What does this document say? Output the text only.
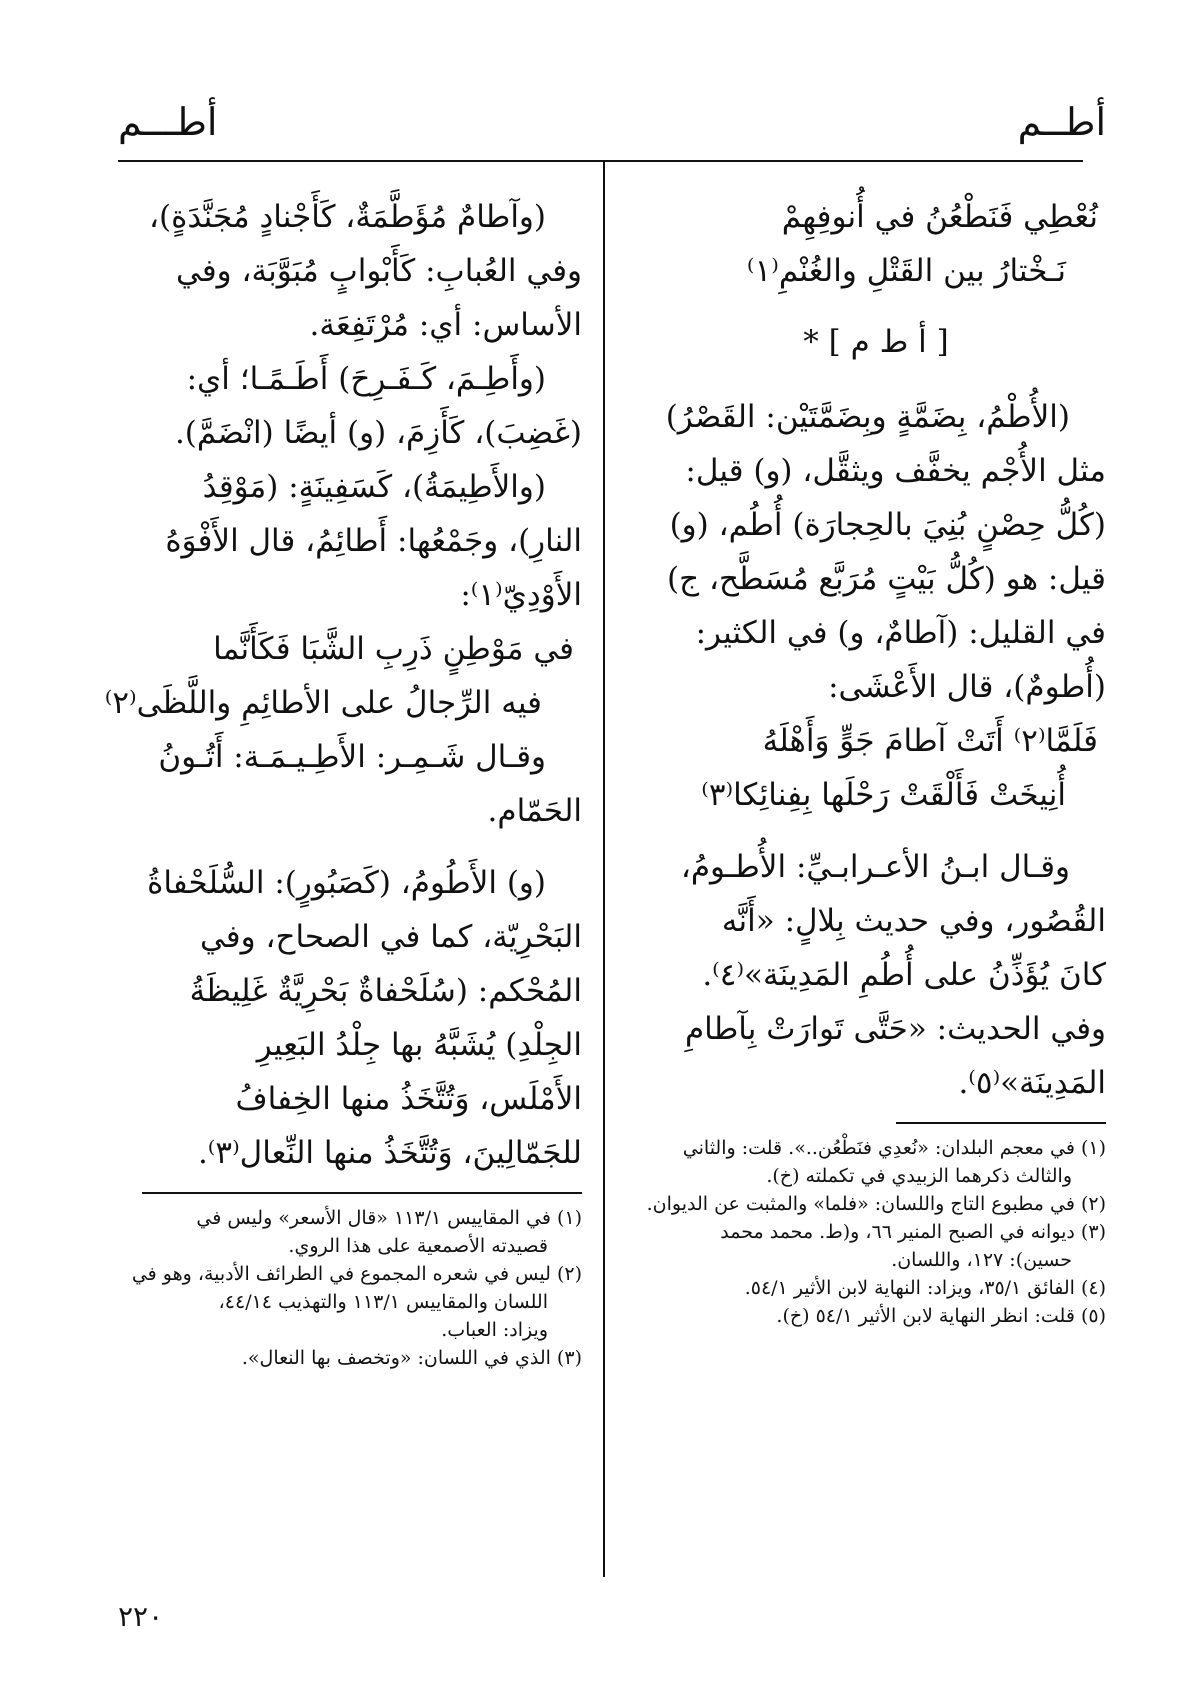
أطــم
أطـــم
نُعْطِي فَنَطْعُنُ في أُنوفِهِمْ
نَـخْتارُ بين القَتْلِ والغُنْمِ⁽١⁾
[ أ ط م ] *
(الأُطْمُ، بِضَمَّةٍ وبِضَمَّتَيْن: القَصْرُ)
مثل الأُجْم يخفَّف ويثقَّل، (و) قيل:
(كُلُّ حِصْنٍ بُنِيَ بالحِجارَة) أُطُم، (و)
قيل: هو (كُلُّ بَيْتٍ مُرَبَّع مُسَطَّح، ج)
في القليل: (آطامٌ، و) في الكثير:
(أُطومٌ)، قال الأَعْشَى:
فَلَمَّا⁽٢⁾ أَتَتْ آطامَ جَوٍّ وَأَهْلَهُ
أُنِيخَتْ فَأَلْقَتْ رَحْلَها بِفِنائِكا⁽٣⁾
وقـال ابـنُ الأعـرابـيِّ: الأُطـومُ،
القُصُور، وفي حديث بِلالٍ: «أَنَّه
كانَ يُؤَذِّنُ على أُطُمِ المَدِينَة»⁽٤⁾.
وفي الحديث: «حَتَّى تَوارَتْ بِآطامِ
المَدِينَة»⁽٥⁾.
(١) في معجم البلدان: «نُعدِي فنَطْعُن..». قلت: والثاني
والثالث ذكرهما الزبيدي في تكملته (خ).
(٢) في مطبوع التاج واللسان: «فلما» والمثبت عن الديوان.
(٣) ديوانه في الصبح المنير ٦٦، و(ط. محمد محمد
حسين): ١٢٧، واللسان.
(٤) الفائق ٣٥/١، ويزاد: النهاية لابن الأثير ٥٤/١.
(٥) قلت: انظر النهاية لابن الأثير ٥٤/١ (خ).
(وآطامٌ مُؤَطَّمَةٌ، كَأَجْنادٍ مُجَنَّدَةٍ)،
وفي العُبابِ: كَأَبْوابٍ مُبَوَّبَة، وفي
الأساس: أي: مُرْتَفِعَة.
(وأَطِـمَ، كَـفَـرِحَ) أَطَـمًـا؛ أي:
(غَضِبَ)، كَأَزِمَ، (و) أيضًا (انْضَمَّ).
(والأَطِيمَةُ)، كَسَفِينَةٍ: (مَوْقِدُ
النارِ)، وجَمْعُها: أَطائِمُ، قال الأَفْوَهُ
الأَوْدِيّ⁽١⁾:
في مَوْطِنٍ ذَرِبِ الشَّبَا فَكَأَنَّما
فيه الرِّجالُ على الأطائِمِ واللَّظَى⁽٢⁾
وقـال شَـمِـر: الأَطِـيـمَـة: أَتُـونُ
الحَمّام.
(و) الأَطُومُ، (كَصَبُورٍ): السُّلَحْفاةُ
البَحْرِيّة، كما في الصحاح، وفي
المُحْكم: (سُلَحْفاةٌ بَحْرِيَّةٌ غَلِيظَةُ
الجِلْدِ) يُشَبَّهُ بها جِلْدُ البَعِيرِ
الأَمْلَس، وَتُتَّخَذُ منها الخِفافُ
للجَمّالِينَ، وَتُتَّخَذُ منها النِّعال⁽٣⁾.
(١) في المقاييس ١١٣/١ «قال الأسعر» وليس في
قصيدته الأصمعية على هذا الروي.
(٢) ليس في شعره المجموع في الطرائف الأدبية، وهو في
اللسان والمقاييس ١١٣/١ والتهذيب ٤٤/١٤،
ويزاد: العباب.
(٣) الذي في اللسان: «وتخصف بها النعال».
٢٢٠
